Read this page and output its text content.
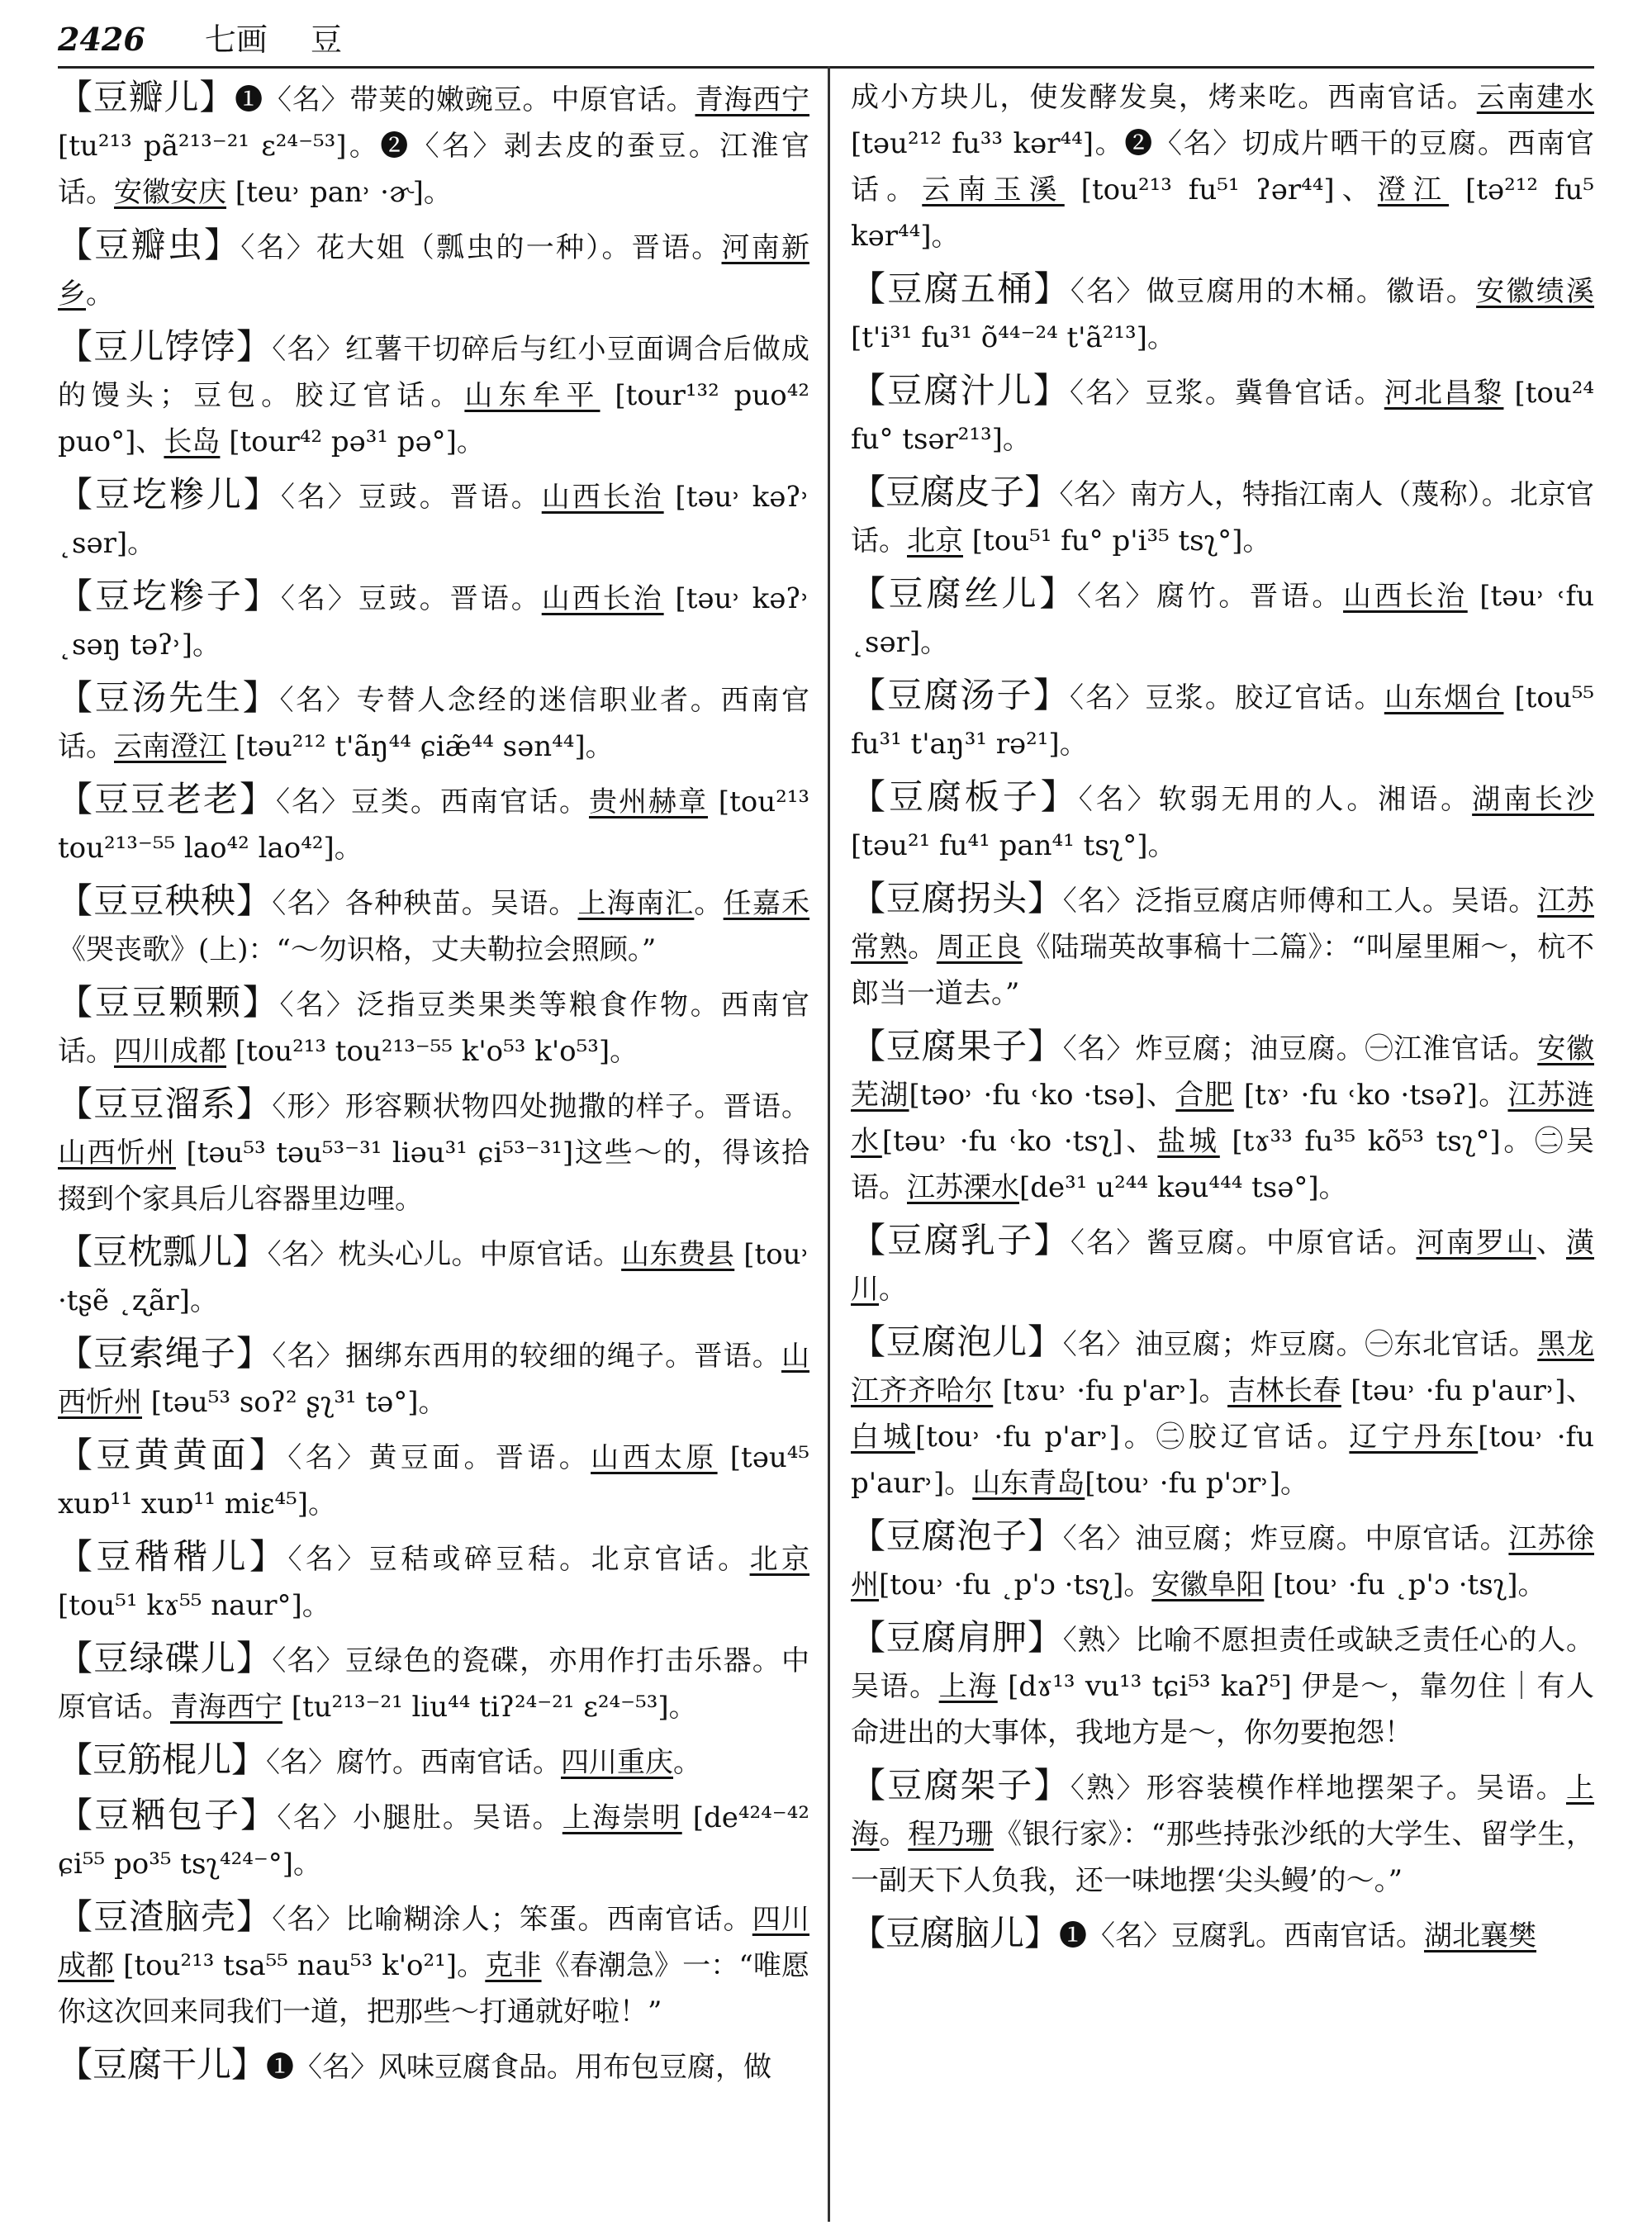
2426 七画 豆

【豆瓣儿】❶〈名〉带荚的嫩豌豆。中原官话。青海西宁 [tu²¹³ pã²¹³⁻²¹ ɛ²⁴⁻⁵³]。❷〈名〉剥去皮的蚕豆。江淮官话。安徽安庆 [teu˒ pan˒ ·ɚ]。

【豆瓣虫】〈名〉花大姐（瓢虫的一种）。晋语。河南新乡。

【豆儿饽饽】〈名〉红薯干切碎后与红小豆面调合后做成的馒头；豆包。胶辽官话。山东牟平 [tour¹³² puo⁴² puo°]、长岛 [tour⁴² pə³¹ pə°]。

【豆圪糁儿】〈名〉豆豉。晋语。山西长治 [təu˒ kəʔ˒ ˛sər]。

【豆圪糁子】〈名〉豆豉。晋语。山西长治 [təu˒ kəʔ˒ ˛səŋ təʔ˒]。

【豆汤先生】〈名〉专替人念经的迷信职业者。西南官话。云南澄江 [təu²¹² t'ãŋ⁴⁴ ɕiæ̃⁴⁴ sən⁴⁴]。

【豆豆老老】〈名〉豆类。西南官话。贵州赫章 [tou²¹³ tou²¹³⁻⁵⁵ lao⁴² lao⁴²]。

【豆豆秧秧】〈名〉各种秧苗。吴语。上海南汇。任嘉禾《哭丧歌》(上)：“～勿识格，丈夫勒拉会照顾。”

【豆豆颗颗】〈名〉泛指豆类果类等粮食作物。西南官话。四川成都 [tou²¹³ tou²¹³⁻⁵⁵ k'o⁵³ k'o⁵³]。

【豆豆溜系】〈形〉形容颗状物四处抛撒的样子。晋语。山西忻州 [təu⁵³ təu⁵³⁻³¹ liəu³¹ ɕi⁵³⁻³¹]这些～的，得该拾掇到个家具后儿容器里边哩。

【豆枕瓢儿】〈名〉枕头心儿。中原官话。山东费县 [tou˒ ·tʂẽ ˛ʐãr]。

【豆索绳子】〈名〉捆绑东西用的较细的绳子。晋语。山西忻州 [təu⁵³ soʔ² ʂʅ³¹ tə°]。

【豆黄黄面】〈名〉黄豆面。晋语。山西太原 [təu⁴⁵ xuɒ¹¹ xuɒ¹¹ miɛ⁴⁵]。

【豆稭稭儿】〈名〉豆秸或碎豆秸。北京官话。北京 [tou⁵¹ kɤ⁵⁵ naur°]。

【豆绿碟儿】〈名〉豆绿色的瓷碟，亦用作打击乐器。中原官话。青海西宁 [tu²¹³⁻²¹ liu⁴⁴ tiʔ²⁴⁻²¹ ɛ²⁴⁻⁵³]。

【豆筋棍儿】〈名〉腐竹。西南官话。四川重庆。

【豆粞包子】〈名〉小腿肚。吴语。上海崇明 [de⁴²⁴⁻⁴² ɕi⁵⁵ po³⁵ tsʅ⁴²⁴⁻°]。

【豆渣脑壳】〈名〉比喻糊涂人；笨蛋。西南官话。四川成都 [tou²¹³ tsa⁵⁵ nau⁵³ k'o²¹]。克非《春潮急》一：“唯愿你这次回来同我们一道，把那些～打通就好啦！”

【豆腐干儿】❶〈名〉风味豆腐食品。用布包豆腐，做

成小方块儿，使发酵发臭，烤来吃。西南官话。云南建水 [təu²¹² fu³³ kər⁴⁴]。❷〈名〉切成片晒干的豆腐。西南官话。云南玉溪 [tou²¹³ fu⁵¹ ʔər⁴⁴]、澄江 [tə²¹² fu⁵ kər⁴⁴]。

【豆腐五桶】〈名〉做豆腐用的木桶。徽语。安徽绩溪 [t'i³¹ fu³¹ õ⁴⁴⁻²⁴ t'ã²¹³]。

【豆腐汁儿】〈名〉豆浆。冀鲁官话。河北昌黎 [tou²⁴ fu° tsər²¹³]。

【豆腐皮子】〈名〉南方人，特指江南人（蔑称）。北京官话。北京 [tou⁵¹ fu° p'i³⁵ tsʅ°]。

【豆腐丝儿】〈名〉腐竹。晋语。山西长治 [təu˒ ˓fu ˛sər]。

【豆腐汤子】〈名〉豆浆。胶辽官话。山东烟台 [tou⁵⁵ fu³¹ t'aŋ³¹ rə²¹]。

【豆腐板子】〈名〉软弱无用的人。湘语。湖南长沙 [təu²¹ fu⁴¹ pan⁴¹ tsʅ°]。

【豆腐拐头】〈名〉泛指豆腐店师傅和工人。吴语。江苏常熟。周正良《陆瑞英故事稿十二篇》：“叫屋里厢～，杭不郎当一道去。”

【豆腐果子】〈名〉炸豆腐；油豆腐。㊀江淮官话。安徽芜湖[təo˒ ·fu ˓ko ·tsə]、合肥 [tɤ˒ ·fu ˓ko ·tsəʔ]。江苏涟水[təu˒ ·fu ˓ko ·tsʅ]、盐城 [tɤ³³ fu³⁵ kõ⁵³ tsʅ°]。㊁吴语。江苏溧水[de³¹ u²⁴⁴ kəu⁴⁴⁴ tsə°]。

【豆腐乳子】〈名〉酱豆腐。中原官话。河南罗山、潢川。

【豆腐泡儿】〈名〉油豆腐；炸豆腐。㊀东北官话。黑龙江齐齐哈尔 [tɤu˒ ·fu p'ar˒]。吉林长春 [təu˒ ·fu p'aur˒]、白城[tou˒ ·fu p'ar˒]。㊁胶辽官话。辽宁丹东[tou˒ ·fu p'aur˒]。山东青岛[tou˒ ·fu p'ɔr˒]。

【豆腐泡子】〈名〉油豆腐；炸豆腐。中原官话。江苏徐州[tou˒ ·fu ˛p'ɔ ·tsʅ]。安徽阜阳 [tou˒ ·fu ˛p'ɔ ·tsʅ]。

【豆腐肩胛】〈熟〉比喻不愿担责任或缺乏责任心的人。吴语。上海 [dɤ¹³ vu¹³ tɕi⁵³ kaʔ⁵] 伊是～，靠勿住｜有人命进出的大事体，我地方是～，你勿要抱怨！

【豆腐架子】〈熟〉形容装模作样地摆架子。吴语。上海。程乃珊《银行家》：“那些持张沙纸的大学生、留学生，一副天下人负我，还一味地摆‘尖头鳗’的～。”

【豆腐脑儿】❶〈名〉豆腐乳。西南官话。湖北襄樊
